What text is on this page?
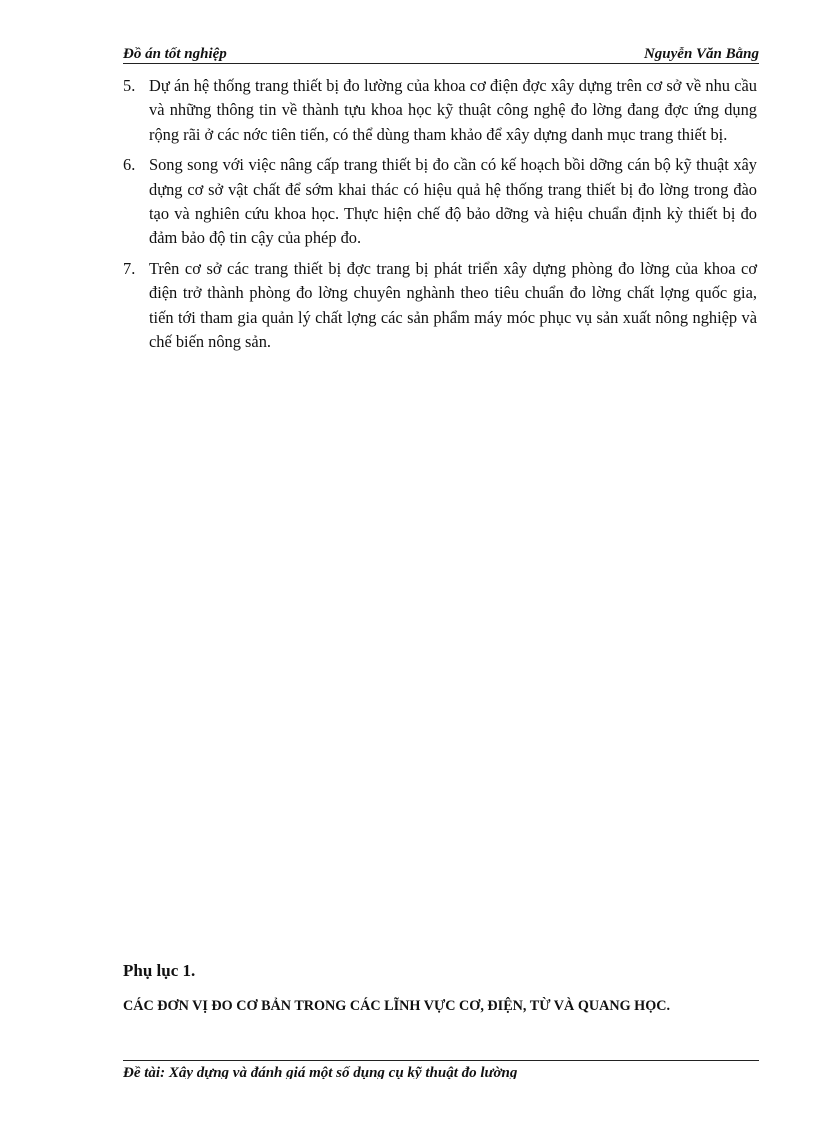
Đồ án tốt nghiệp	Nguyễn Văn Bằng
5. Dự án hệ thống trang thiết bị đo lường của khoa cơ điện đợc xây dựng trên cơ sở về nhu cầu và những thông tin về thành tựu khoa học kỹ thuật công nghệ đo lờng đang đợc ứng dụng rộng rãi ở các nớc tiên tiến, có thể dùng tham khảo để xây dựng danh mục trang thiết bị.
6. Song song với việc nâng cấp trang thiết bị đo cần có kế hoạch bồi dỡng cán bộ kỹ thuật xây dựng cơ sở vật chất để sớm khai thác có hiệu quả hệ thống trang thiết bị đo lờng trong đào tạo và nghiên cứu khoa học. Thực hiện chế độ bảo dỡng và hiệu chuẩn định kỳ thiết bị đo đảm bảo độ tin cậy của phép đo.
7. Trên cơ sở các trang thiết bị đợc trang bị phát triển xây dựng phòng đo lờng của khoa cơ điện trở thành phòng đo lờng chuyên nghành theo tiêu chuẩn đo lờng chất lợng quốc gia, tiến tới tham gia quản lý chất lợng các sản phẩm máy móc phục vụ sản xuất nông nghiệp và chế biến nông sản.
Phụ lục 1.
CÁC ĐƠN VỊ ĐO CƠ BẢN TRONG CÁC LĨNH VỰC CƠ, ĐIỆN, TỪ VÀ QUANG HỌC.
Đề tài: Xây dựng và đánh giá một số dụng cụ kỹ thuật đo lường
